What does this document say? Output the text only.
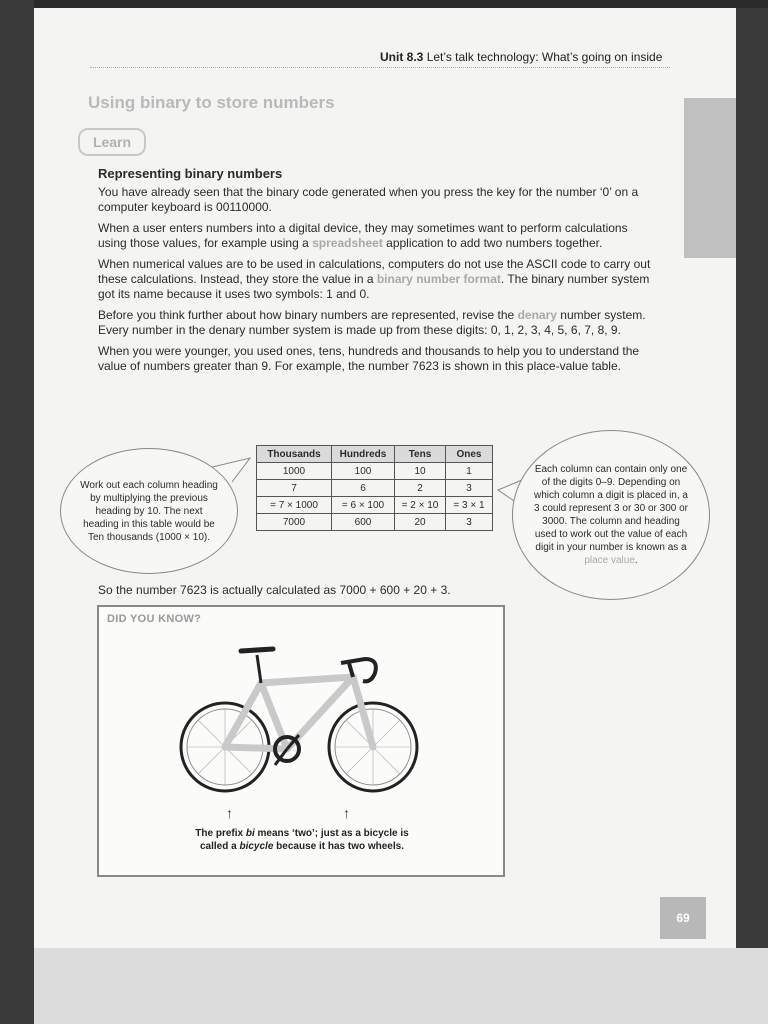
Unit 8.3 Let’s talk technology: What’s going on inside
Using binary to store numbers
Learn
Representing binary numbers

You have already seen that the binary code generated when you press the key for the number ‘0’ on a computer keyboard is 00110000.

When a user enters numbers into a digital device, they may sometimes want to perform calculations using those values, for example using a spreadsheet application to add two numbers together.

When numerical values are to be used in calculations, computers do not use the ASCII code to carry out these calculations. Instead, they store the value in a binary number format. The binary number system got its name because it uses two symbols: 1 and 0.

Before you think further about how binary numbers are represented, revise the denary number system. Every number in the denary number system is made up from these digits: 0, 1, 2, 3, 4, 5, 6, 7, 8, 9.

When you were younger, you used ones, tens, hundreds and thousands to help you to understand the value of numbers greater than 9. For example, the number 7623 is shown in this place-value table.

Work out each column heading by multiplying the previous heading by 10. The next heading in this table would be Ten thousands (1000 × 10).
Each column can contain only one of the digits 0–9. Depending on which column a digit is placed in, a 3 could represent 3 or 30 or 300 or 3000. The column and heading used to work out the value of each digit in your number is known as a place value.
Thousands	Hundreds	Tens	Ones
1000	100	10	1
7	6	2	3
= 7 × 1000	= 6 × 100	= 2 × 10	= 3 × 1
7000	600	20	3
So the number 7623 is actually calculated as 7000 + 600 + 20 + 3.
DID YOU KNOW?
↑	↑
The prefix bi means ‘two’; just as a bicycle is called a bicycle because it has two wheels.
69
